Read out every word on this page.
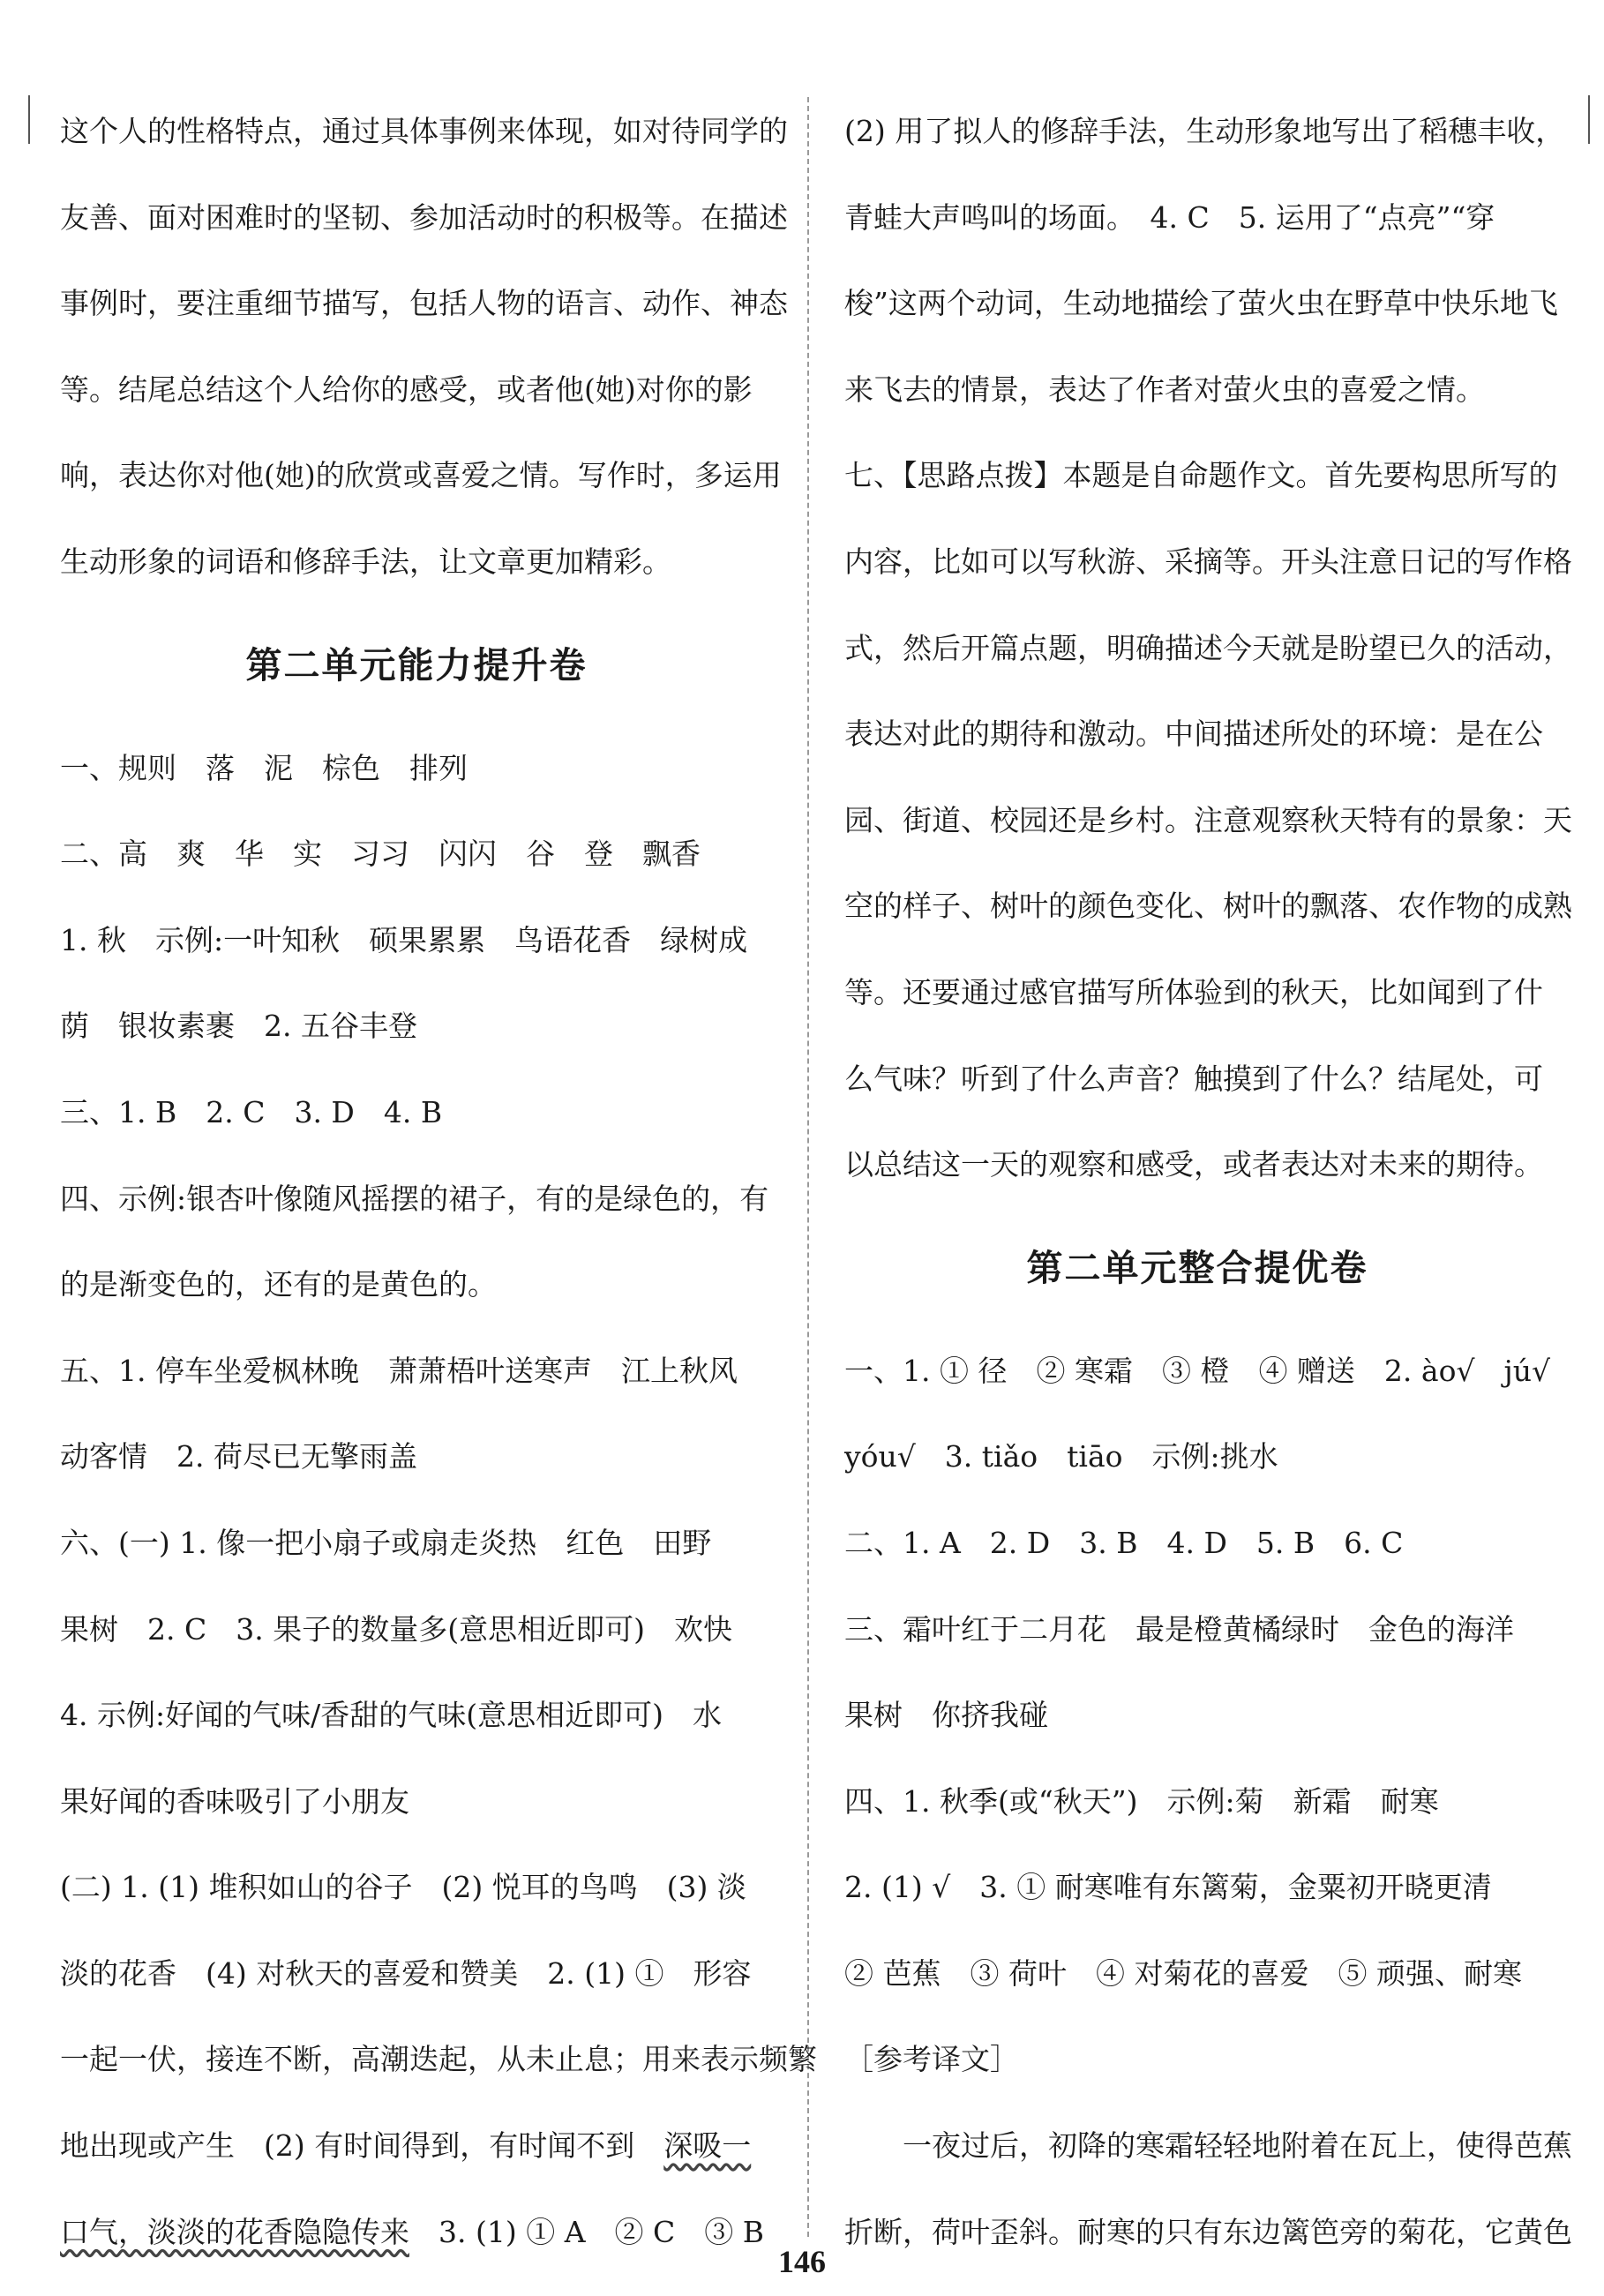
这个人的性格特点，通过具体事例来体现，如对待同学的

友善、面对困难时的坚韧、参加活动时的积极等。在描述

事例时，要注重细节描写，包括人物的语言、动作、神态

等。结尾总结这个人给你的感受，或者他(她)对你的影

响，表达你对他(她)的欣赏或喜爱之情。写作时，多运用

生动形象的词语和修辞手法，让文章更加精彩。

第二单元能力提升卷

一、规则　落　泥　棕色　排列

二、高　爽　华　实　习习　闪闪　谷　登　飘香

1. 秋　示例:一叶知秋　硕果累累　鸟语花香　绿树成

荫　银妆素裹　2. 五谷丰登

三、1. B　2. C　3. D　4. B

四、示例:银杏叶像随风摇摆的裙子，有的是绿色的，有

的是渐变色的，还有的是黄色的。

五、1. 停车坐爱枫林晚　萧萧梧叶送寒声　江上秋风

动客情　2. 荷尽已无擎雨盖

六、(一) 1. 像一把小扇子或扇走炎热　红色　田野

果树　2. C　3. 果子的数量多(意思相近即可)　欢快

4. 示例:好闻的气味/香甜的气味(意思相近即可)　水

果好闻的香味吸引了小朋友

(二) 1. (1) 堆积如山的谷子　(2) 悦耳的鸟鸣　(3) 淡

淡的花香　(4) 对秋天的喜爱和赞美　2. (1) ①　形容

一起一伏，接连不断，高潮迭起，从未止息；用来表示频繁

地出现或产生　(2) 有时间得到，有时闻不到　 深吸一

口气，淡淡的花香隐隐传来　 3. (1) ① A　② C　③ B

(2) 用了拟人的修辞手法，生动形象地写出了稻穗丰收，

青蛙大声鸣叫的场面。　4. C　5. 运用了“点亮”“穿

梭”这两个动词，生动地描绘了萤火虫在野草中快乐地飞

来飞去的情景，表达了作者对萤火虫的喜爱之情。

七、【思路点拨】本题是自命题作文。首先要构思所写的

内容，比如可以写秋游、采摘等。开头注意日记的写作格

式，然后开篇点题，明确描述今天就是盼望已久的活动，

表达对此的期待和激动。中间描述所处的环境：是在公

园、街道、校园还是乡村。注意观察秋天特有的景象：天

空的样子、树叶的颜色变化、树叶的飘落、农作物的成熟

等。还要通过感官描写所体验到的秋天，比如闻到了什

么气味？听到了什么声音？触摸到了什么？结尾处，可

以总结这一天的观察和感受，或者表达对未来的期待。

第二单元整合提优卷

一、1. ① 径　② 寒霜　③ 橙　④ 赠送　2. ào√　jú√

yóu√　3. tiǎo　tiāo　示例:挑水

二、1. A　2. D　3. B　4. D　5. B　6. C

三、霜叶红于二月花　最是橙黄橘绿时　金色的海洋

果树　你挤我碰

四、1. 秋季(或“秋天”)　示例:菊　新霜　耐寒

2. (1) √　3. ① 耐寒唯有东篱菊，金粟初开晓更清

② 芭蕉　③ 荷叶　④ 对菊花的喜爱　⑤ 顽强、耐寒

［参考译文］

一夜过后，初降的寒霜轻轻地附着在瓦上，使得芭蕉

折断，荷叶歪斜。耐寒的只有东边篱笆旁的菊花，它黄色

146
